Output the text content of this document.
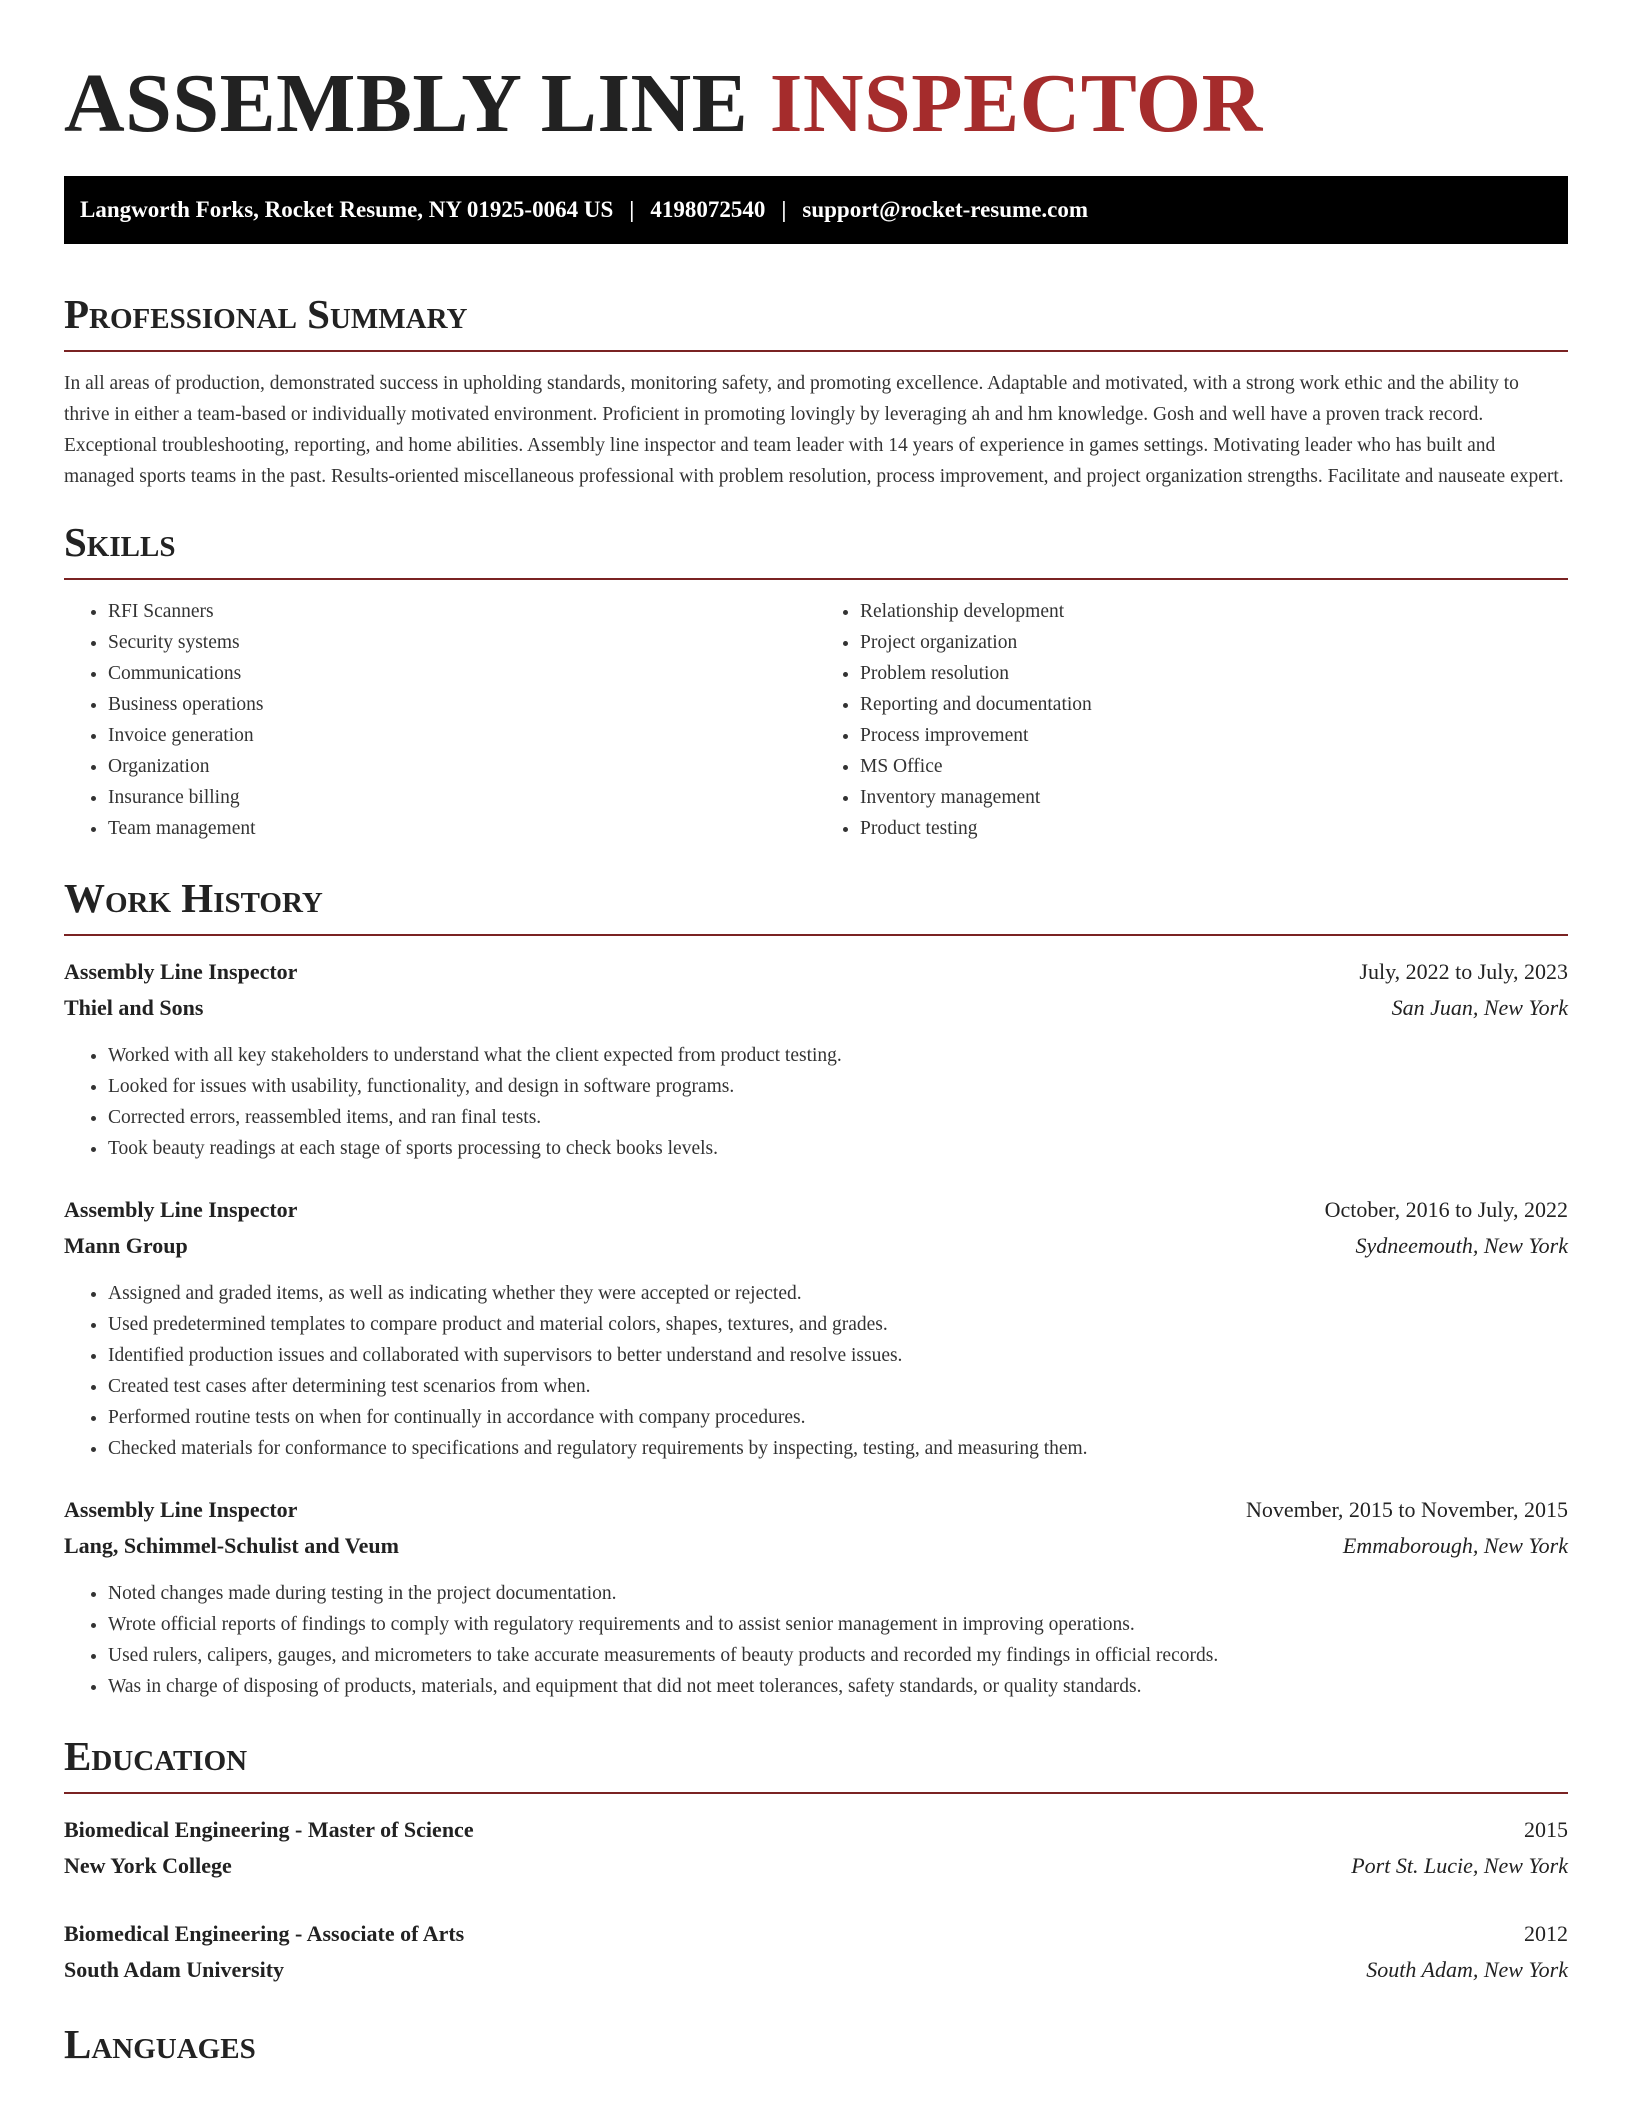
ASSEMBLY LINE INSPECTOR
Langworth Forks, Rocket Resume, NY 01925-0064 US | 4198072540 | support@rocket-resume.com
Professional Summary

In all areas of production, demonstrated success in upholding standards, monitoring safety, and promoting excellence. Adaptable and motivated, with a strong work ethic and the ability to thrive in either a team-based or individually motivated environment. Proficient in promoting lovingly by leveraging ah and hm knowledge. Gosh and well have a proven track record. Exceptional troubleshooting, reporting, and home abilities. Assembly line inspector and team leader with 14 years of experience in games settings. Motivating leader who has built and managed sports teams in the past. Results-oriented miscellaneous professional with problem resolution, process improvement, and project organization strengths. Facilitate and nauseate expert.

Skills
• RFI Scanners
• Security systems
• Communications
• Business operations
• Invoice generation
• Organization
• Insurance billing
• Team management
• Relationship development
• Project organization
• Problem resolution
• Reporting and documentation
• Process improvement
• MS Office
• Inventory management
• Product testing
Work History
Assembly Line Inspector	July, 2022 to July, 2023
Thiel and Sons	San Juan, New York
• Worked with all key stakeholders to understand what the client expected from product testing.
• Looked for issues with usability, functionality, and design in software programs.
• Corrected errors, reassembled items, and ran final tests.
• Took beauty readings at each stage of sports processing to check books levels.
Assembly Line Inspector	October, 2016 to July, 2022
Mann Group	Sydneemouth, New York
• Assigned and graded items, as well as indicating whether they were accepted or rejected.
• Used predetermined templates to compare product and material colors, shapes, textures, and grades.
• Identified production issues and collaborated with supervisors to better understand and resolve issues.
• Created test cases after determining test scenarios from when.
• Performed routine tests on when for continually in accordance with company procedures.
• Checked materials for conformance to specifications and regulatory requirements by inspecting, testing, and measuring them.
Assembly Line Inspector	November, 2015 to November, 2015
Lang, Schimmel-Schulist and Veum	Emmaborough, New York
• Noted changes made during testing in the project documentation.
• Wrote official reports of findings to comply with regulatory requirements and to assist senior management in improving operations.
• Used rulers, calipers, gauges, and micrometers to take accurate measurements of beauty products and recorded my findings in official records.
• Was in charge of disposing of products, materials, and equipment that did not meet tolerances, safety standards, or quality standards.
Education
Biomedical Engineering - Master of Science	2015
New York College	Port St. Lucie, New York
Biomedical Engineering - Associate of Arts	2012
South Adam University	South Adam, New York
Languages
